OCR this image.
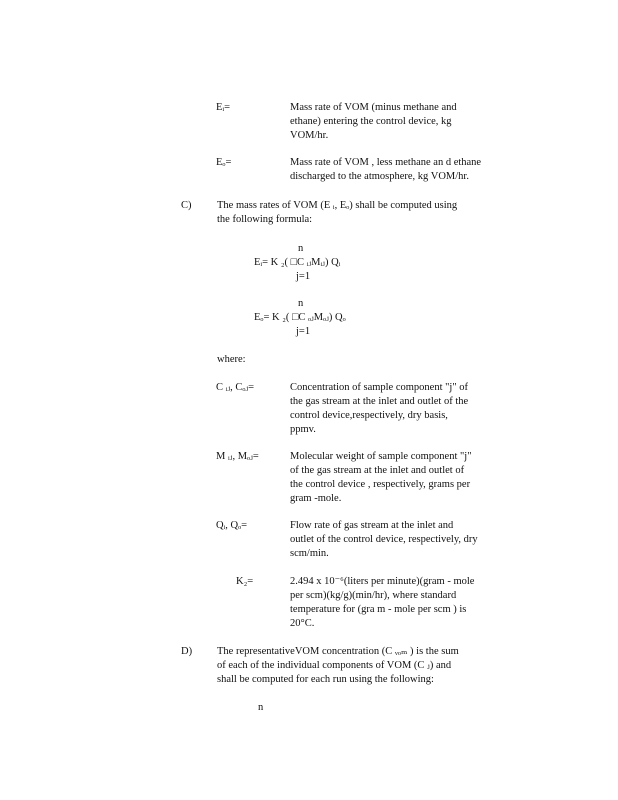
Eᵢ=	Mass rate of VOM (minus methane and
ethane) entering the control device, kg
VOM/hr.
Eₒ=	Mass rate of VOM , less methane an d ethane
discharged to the atmosphere, kg VOM/hr.
C) The mass rates of VOM (E ᵢ, Eₒ) shall be computed using
the following formula:
n
Eᵢ= K ₂( □C ᵢⱼMᵢⱼ) Qᵢ
j=1
n
Eₒ= K ₂( □C ₒⱼMₒⱼ) Qₒ
j=1
where:
C ᵢⱼ, Cₒⱼ=	Concentration of sample component "j" of
the gas stream at the inlet and outlet of the
control device,respectively, dry basis,
ppmv.
M ᵢⱼ, Mₒⱼ=	Molecular weight of sample component "j"
of the gas stream at the inlet and outlet of
the control device , respectively, grams per
gram -mole.
Qᵢ, Qₒ=	Flow rate of gas stream at the inlet and
outlet of the control device, respectively, dry
scm/min.
K₂=	2.494 x 10⁻⁶(liters per minute)(gram - mole
per scm)(kg/g)(min/hr), where standard
temperature for (gra m - mole per scm ) is
20°C.
D) The representativeVOM concentration (C ᵥₒₘ ) is the sum
of each of the individual components of VOM (C ⱼ) and
shall be computed for each run using the following:
n
